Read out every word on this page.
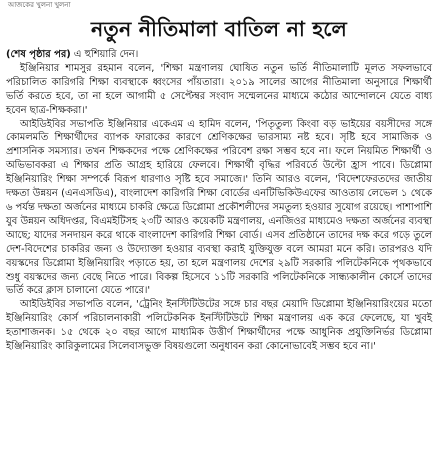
আজকের খুলনা খুলনা
নতুন নীতিমালা বাতিল না হলে

(শেষ পৃষ্ঠার পর) এ হুশিয়ারি দেন।

ইঞ্জিনিয়ার শামসুর রহমান বলেন, 'শিক্ষা মন্ত্রণালয় ঘোষিত নতুন ভর্তি নীতিমালাটি মূলত সফলভাবে পরিচালিত কারিগরি শিক্ষা ব্যবস্থাকে ধ্বংসের পাঁয়তারা। ২০১৯ সালের আগের নীতিমালা অনুসারে শিক্ষার্থী ভর্তি করতে হবে, তা না হলে আগামী ৫ সেপ্টেম্বর সংবাদ সম্মেলনের মাধ্যমে কঠোর আন্দোলনে যেতে বাধ্য হবেন ছাত্র-শিক্ষকরা।'

আইডিইবির সভাপতি ইঞ্জিনিয়ার একেএম এ হামিদ বলেন, 'পিতৃতুল্য কিংবা বড় ভাইয়ের বয়সীদের সঙ্গে কোমলমতি শিক্ষার্থীদের ব্যাপক ফারাকের কারণে শ্রেণিকক্ষের ভারসাম্য নষ্ট হবে। সৃষ্টি হবে সামাজিক ও প্রশাসনিক সমস্যার। তখন শিক্ষকদের পক্ষে শ্রেণিকক্ষের পরিবেশ রক্ষা সম্ভব হবে না। ফলে নিয়মিত শিক্ষার্থী ও অভিভাবকরা এ শিক্ষার প্রতি আগ্রহ হারিয়ে ফেলবে। শিক্ষার্থী বৃদ্ধির পরিবর্তে উল্টো হ্রাস পাবে। ডিপ্লোমা ইঞ্জিনিয়ারিং শিক্ষা সম্পর্কে বিরূপ ধারণাও সৃষ্টি হবে সমাজে।' তিনি আরও বলেন, 'বিদেশফেরতদের জাতীয় দক্ষতা উন্নয়ন (এনএসডিএ), বাংলাদেশ কারিগরি শিক্ষা বোর্ডের এনটিভিকিউএফের আওতায় লেভেল ১ থেকে ৬ পর্যন্ত দক্ষতা অর্জনের মাধ্যমে চাকরি ক্ষেত্রে ডিপ্লোমা প্রকৌশলীদের সমতুল্য হওয়ার সুযোগ রয়েছে। পাশাপাশি যুব উন্নয়ন অধিদপ্তর, বিএমইটিসহ ২৩টি আরও কয়েকটি মন্ত্রণালয়, এনজিওর মাধ্যমেও দক্ষতা অর্জনের ব্যবস্থা আছে; যাদের সনদায়ন করে থাকে বাংলাদেশ কারিগরি শিক্ষা বোর্ড। এসব প্রতিষ্ঠানে তাদের দক্ষ করে গড়ে তুলে দেশ-বিদেশের চাকরির জন্য ও উদ্যোক্তা হওয়ার ব্যবস্থা করাই যুক্তিযুক্ত বলে আমরা মনে করি। তারপরও যদি বয়স্কদের ডিপ্লোমা ইঞ্জিনিয়ারিং পড়াতে হয়, তা হলে মন্ত্রণালয় দেশের ২৯টি সরকারি পলিটেকনিকে পৃথকভাবে শুধু বয়স্কদের জন্য বেছে নিতে পারে। বিকল্প হিসেবে ১১টি সরকারি পলিটেকনিকে সান্ধ্যকালীন কোর্সে তাদের ভর্তি করে ক্লাস চালানো যেতে পারে।'

আইডিইবির সভাপতি বলেন, 'ট্রেনিং ইনস্টিটিউটের সঙ্গে চার বছর মেয়াদি ডিপ্লোমা ইঞ্জিনিয়ারিংয়ের মতো ইঞ্জিনিয়ারিং কোর্স পরিচালনাকারী পলিটেকনিক ইনস্টিটিউটে শিক্ষা মন্ত্রণালয় এক করে ফেলেছে, যা খুবই হতাশাজনক। ১৫ থেকে ২০ বছর আগে মাধ্যমিক উত্তীর্ণ শিক্ষার্থীদের পক্ষে আধুনিক প্রযুক্তিনির্ভর ডিপ্লোমা ইঞ্জিনিয়ারিং কারিকুলামের সিলেবাসভুক্ত বিষয়গুলো অনুধাবন করা কোনোভাবেই সম্ভব হবে না।'
